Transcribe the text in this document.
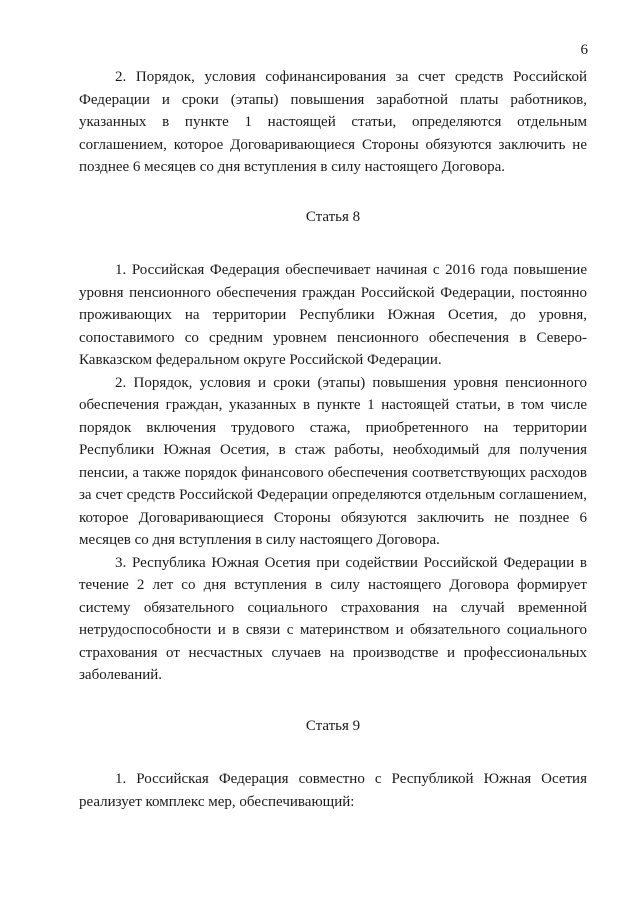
6

2. Порядок, условия софинансирования за счет средств Российской Федерации и сроки (этапы) повышения заработной платы работников, указанных в пункте 1 настоящей статьи, определяются отдельным соглашением, которое Договаривающиеся Стороны обязуются заключить не позднее 6 месяцев со дня вступления в силу настоящего Договора.

Статья 8

1. Российская Федерация обеспечивает начиная с 2016 года повышение уровня пенсионного обеспечения граждан Российской Федерации, постоянно проживающих на территории Республики Южная Осетия, до уровня, сопоставимого со средним уровнем пенсионного обеспечения в Северо-Кавказском федеральном округе Российской Федерации.

2. Порядок, условия и сроки (этапы) повышения уровня пенсионного обеспечения граждан, указанных в пункте 1 настоящей статьи, в том числе порядок включения трудового стажа, приобретенного на территории Республики Южная Осетия, в стаж работы, необходимый для получения пенсии, а также порядок финансового обеспечения соответствующих расходов за счет средств Российской Федерации определяются отдельным соглашением, которое Договаривающиеся Стороны обязуются заключить не позднее 6 месяцев со дня вступления в силу настоящего Договора.

3. Республика Южная Осетия при содействии Российской Федерации в течение 2 лет со дня вступления в силу настоящего Договора формирует систему обязательного социального страхования на случай временной нетрудоспособности и в связи с материнством и обязательного социального страхования от несчастных случаев на производстве и профессиональных заболеваний.

Статья 9

1. Российская Федерация совместно с Республикой Южная Осетия реализует комплекс мер, обеспечивающий:
